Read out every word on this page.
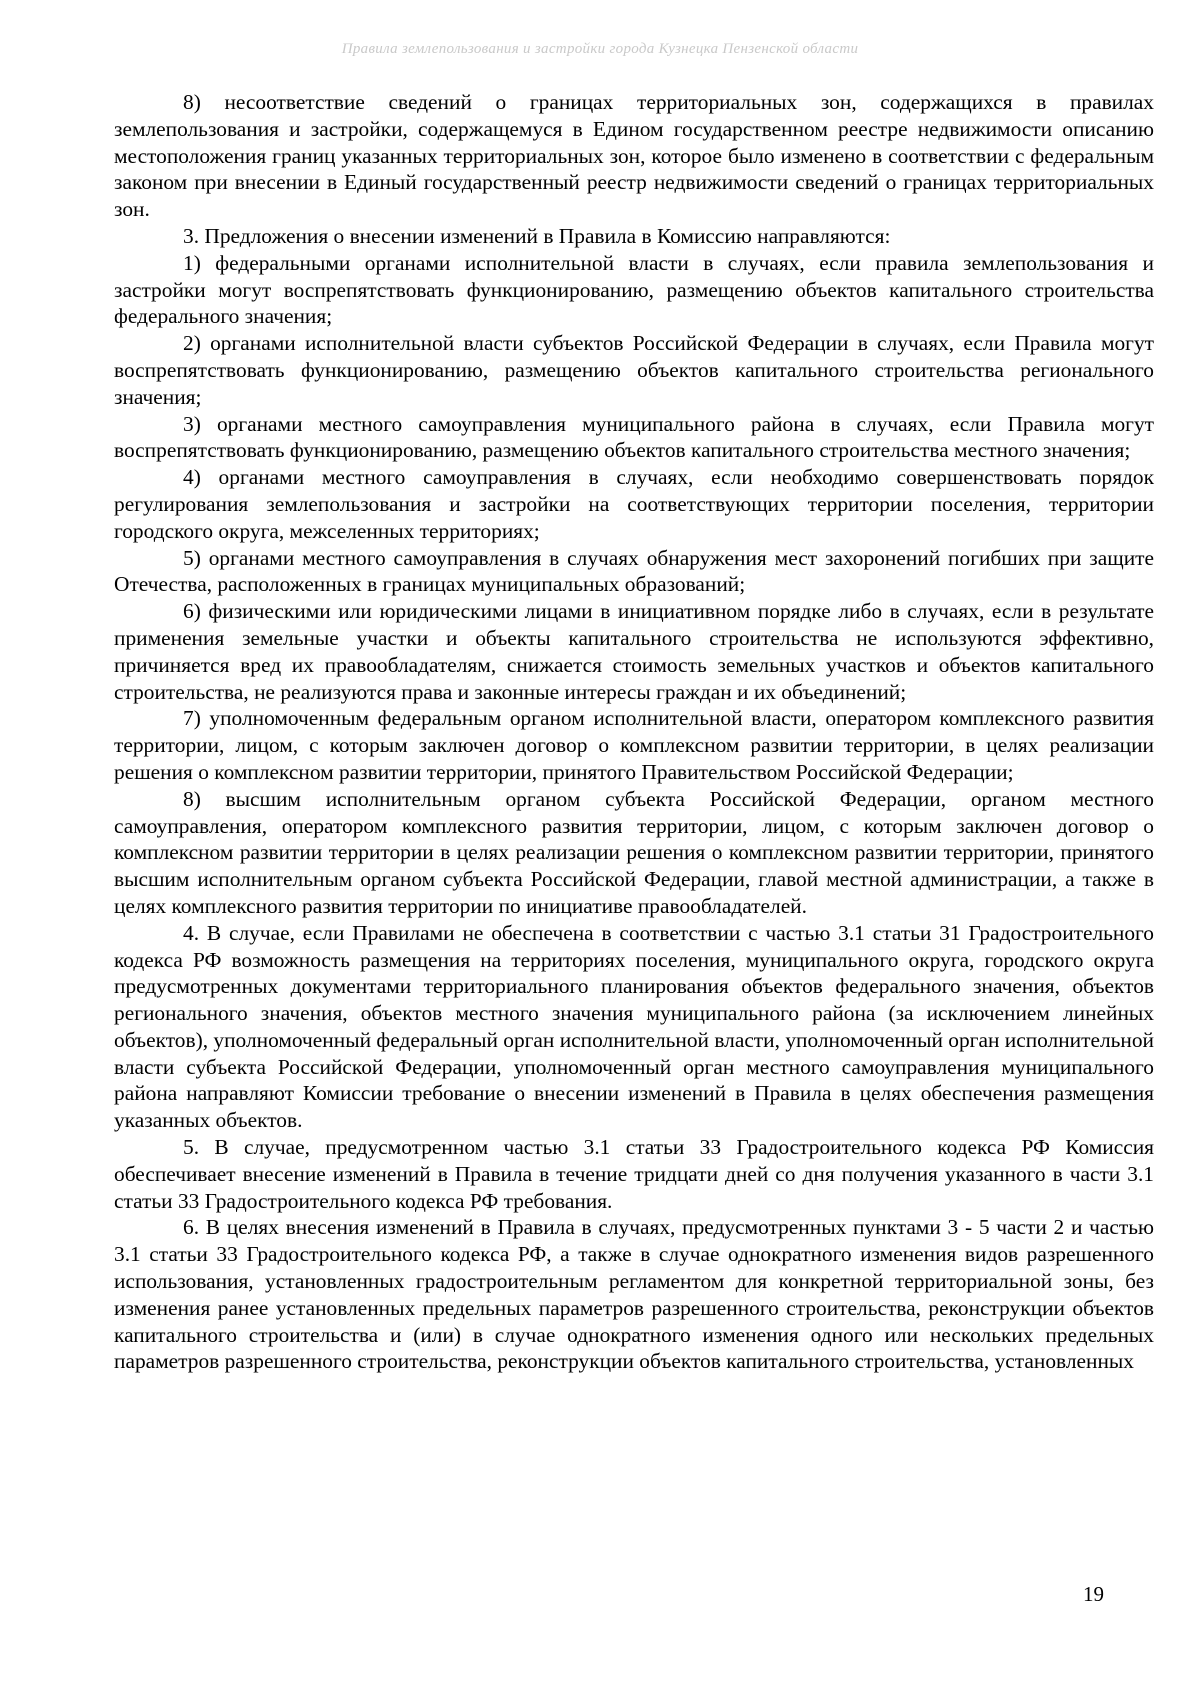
Правила землепользования и застройки города Кузнецка Пензенской области

8) несоответствие сведений о границах территориальных зон, содержащихся в правилах землепользования и застройки, содержащемуся в Едином государственном реестре недвижимости описанию местоположения границ указанных территориальных зон, которое было изменено в соответствии с федеральным законом при внесении в Единый государственный реестр недвижимости сведений о границах территориальных зон.

3. Предложения о внесении изменений в Правила в Комиссию направляются:

1) федеральными органами исполнительной власти в случаях, если правила землепользования и застройки могут воспрепятствовать функционированию, размещению объектов капитального строительства федерального значения;

2) органами исполнительной власти субъектов Российской Федерации в случаях, если Правила могут воспрепятствовать функционированию, размещению объектов капитального строительства регионального значения;

3) органами местного самоуправления муниципального района в случаях, если Правила могут воспрепятствовать функционированию, размещению объектов капитального строительства местного значения;

4) органами местного самоуправления в случаях, если необходимо совершенствовать порядок регулирования землепользования и застройки на соответствующих территории поселения, территории городского округа, межселенных территориях;

5) органами местного самоуправления в случаях обнаружения мест захоронений погибших при защите Отечества, расположенных в границах муниципальных образований;

6) физическими или юридическими лицами в инициативном порядке либо в случаях, если в результате применения земельные участки и объекты капитального строительства не используются эффективно, причиняется вред их правообладателям, снижается стоимость земельных участков и объектов капитального строительства, не реализуются права и законные интересы граждан и их объединений;

7) уполномоченным федеральным органом исполнительной власти, оператором комплексного развития территории, лицом, с которым заключен договор о комплексном развитии территории, в целях реализации решения о комплексном развитии территории, принятого Правительством Российской Федерации;

8) высшим исполнительным органом субъекта Российской Федерации, органом местного самоуправления, оператором комплексного развития территории, лицом, с которым заключен договор о комплексном развитии территории в целях реализации решения о комплексном развитии территории, принятого высшим исполнительным органом субъекта Российской Федерации, главой местной администрации, а также в целях комплексного развития территории по инициативе правообладателей.

4. В случае, если Правилами не обеспечена в соответствии с частью 3.1 статьи 31 Градостроительного кодекса РФ возможность размещения на территориях поселения, муниципального округа, городского округа предусмотренных документами территориального планирования объектов федерального значения, объектов регионального значения, объектов местного значения муниципального района (за исключением линейных объектов), уполномоченный федеральный орган исполнительной власти, уполномоченный орган исполнительной власти субъекта Российской Федерации, уполномоченный орган местного самоуправления муниципального района направляют Комиссии требование о внесении изменений в Правила в целях обеспечения размещения указанных объектов.

5. В случае, предусмотренном частью 3.1 статьи 33 Градостроительного кодекса РФ Комиссия обеспечивает внесение изменений в Правила в течение тридцати дней со дня получения указанного в части 3.1 статьи 33 Градостроительного кодекса РФ требования.

6. В целях внесения изменений в Правила в случаях, предусмотренных пунктами 3 - 5 части 2 и частью 3.1 статьи 33 Градостроительного кодекса РФ, а также в случае однократного изменения видов разрешенного использования, установленных градостроительным регламентом для конкретной территориальной зоны, без изменения ранее установленных предельных параметров разрешенного строительства, реконструкции объектов капитального строительства и (или) в случае однократного изменения одного или нескольких предельных параметров разрешенного строительства, реконструкции объектов капитального строительства, установленных

19
